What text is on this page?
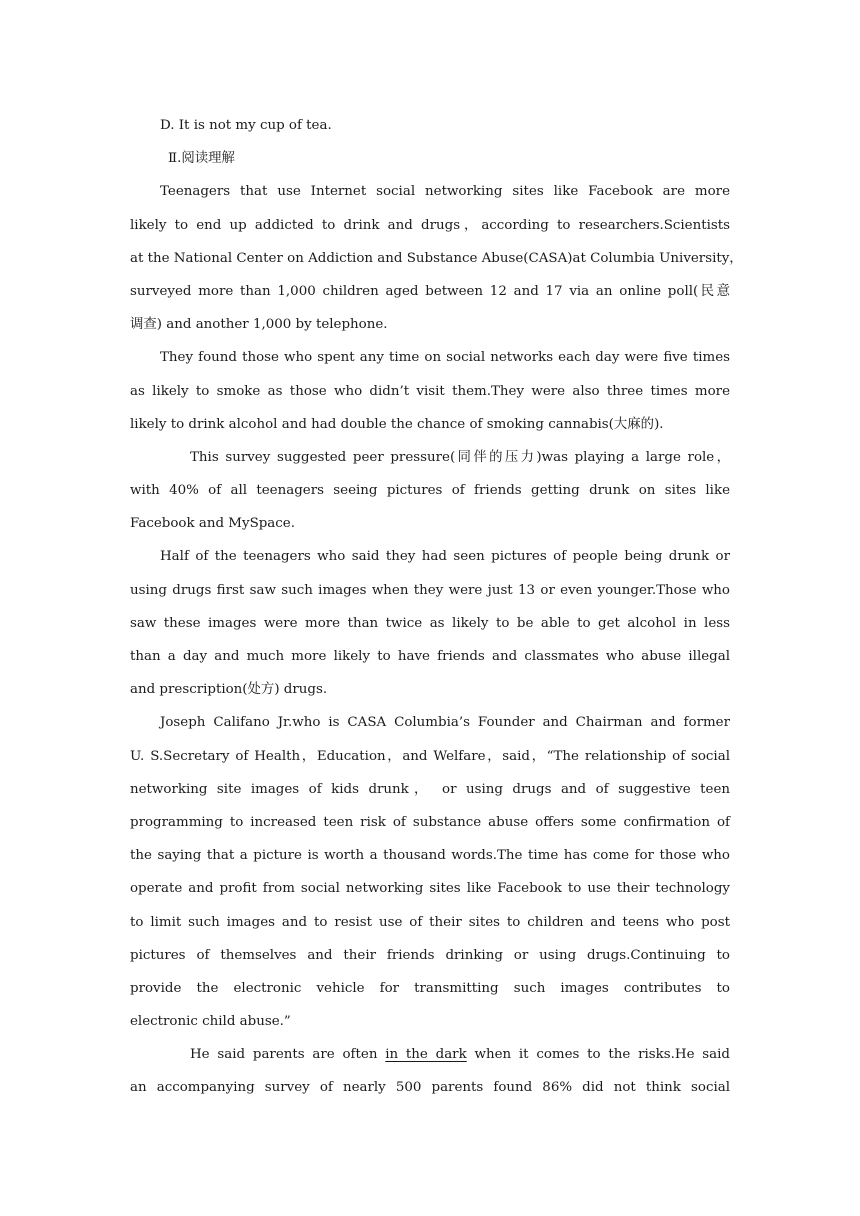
D. It is not my cup of tea.
Ⅱ.阅读理解
Teenagers that use Internet social networking sites like Facebook are more
likely to end up addicted to drink and drugs，according to researchers.Scientists
at the National Center on Addiction and Substance Abuse(CASA)at Columbia University，
surveyed more than 1,000 children aged between 12 and 17 via an online poll(民意
调查) and another 1,000 by telephone.
They found those who spent any time on social networks each day were five times
as likely to smoke as those who didn’t visit them.They were also three times more
likely to drink alcohol and had double the chance of smoking cannabis(大麻的).
This survey suggested peer pressure(同伴的压力)was playing a large role，
with 40% of all teenagers seeing pictures of friends getting drunk on sites like
Facebook and MySpace.
Half of the teenagers who said they had seen pictures of people being drunk or
using drugs first saw such images when they were just 13 or even younger.Those who
saw these images were more than twice as likely to be able to get alcohol in less
than a day and much more likely to have friends and classmates who abuse illegal
and prescription(处方) drugs.
Joseph Califano Jr.who is CASA Columbia’s Founder and Chairman and former
U. S.Secretary of Health，Education，and Welfare，said，“The relationship of social
networking site images of kids drunk， or using drugs and of suggestive teen
programming to increased teen risk of substance abuse offers some confirmation of
the saying that a picture is worth a thousand words.The time has come for those who
operate and profit from social networking sites like Facebook to use their technology
to limit such images and to resist use of their sites to children and teens who post
pictures of themselves and their friends drinking or using drugs.Continuing to
provide the electronic vehicle for transmitting such images contributes to
electronic child abuse.”
He said parents are often in the dark when it comes to the risks.He said
an accompanying survey of nearly 500 parents found 86% did not think social
